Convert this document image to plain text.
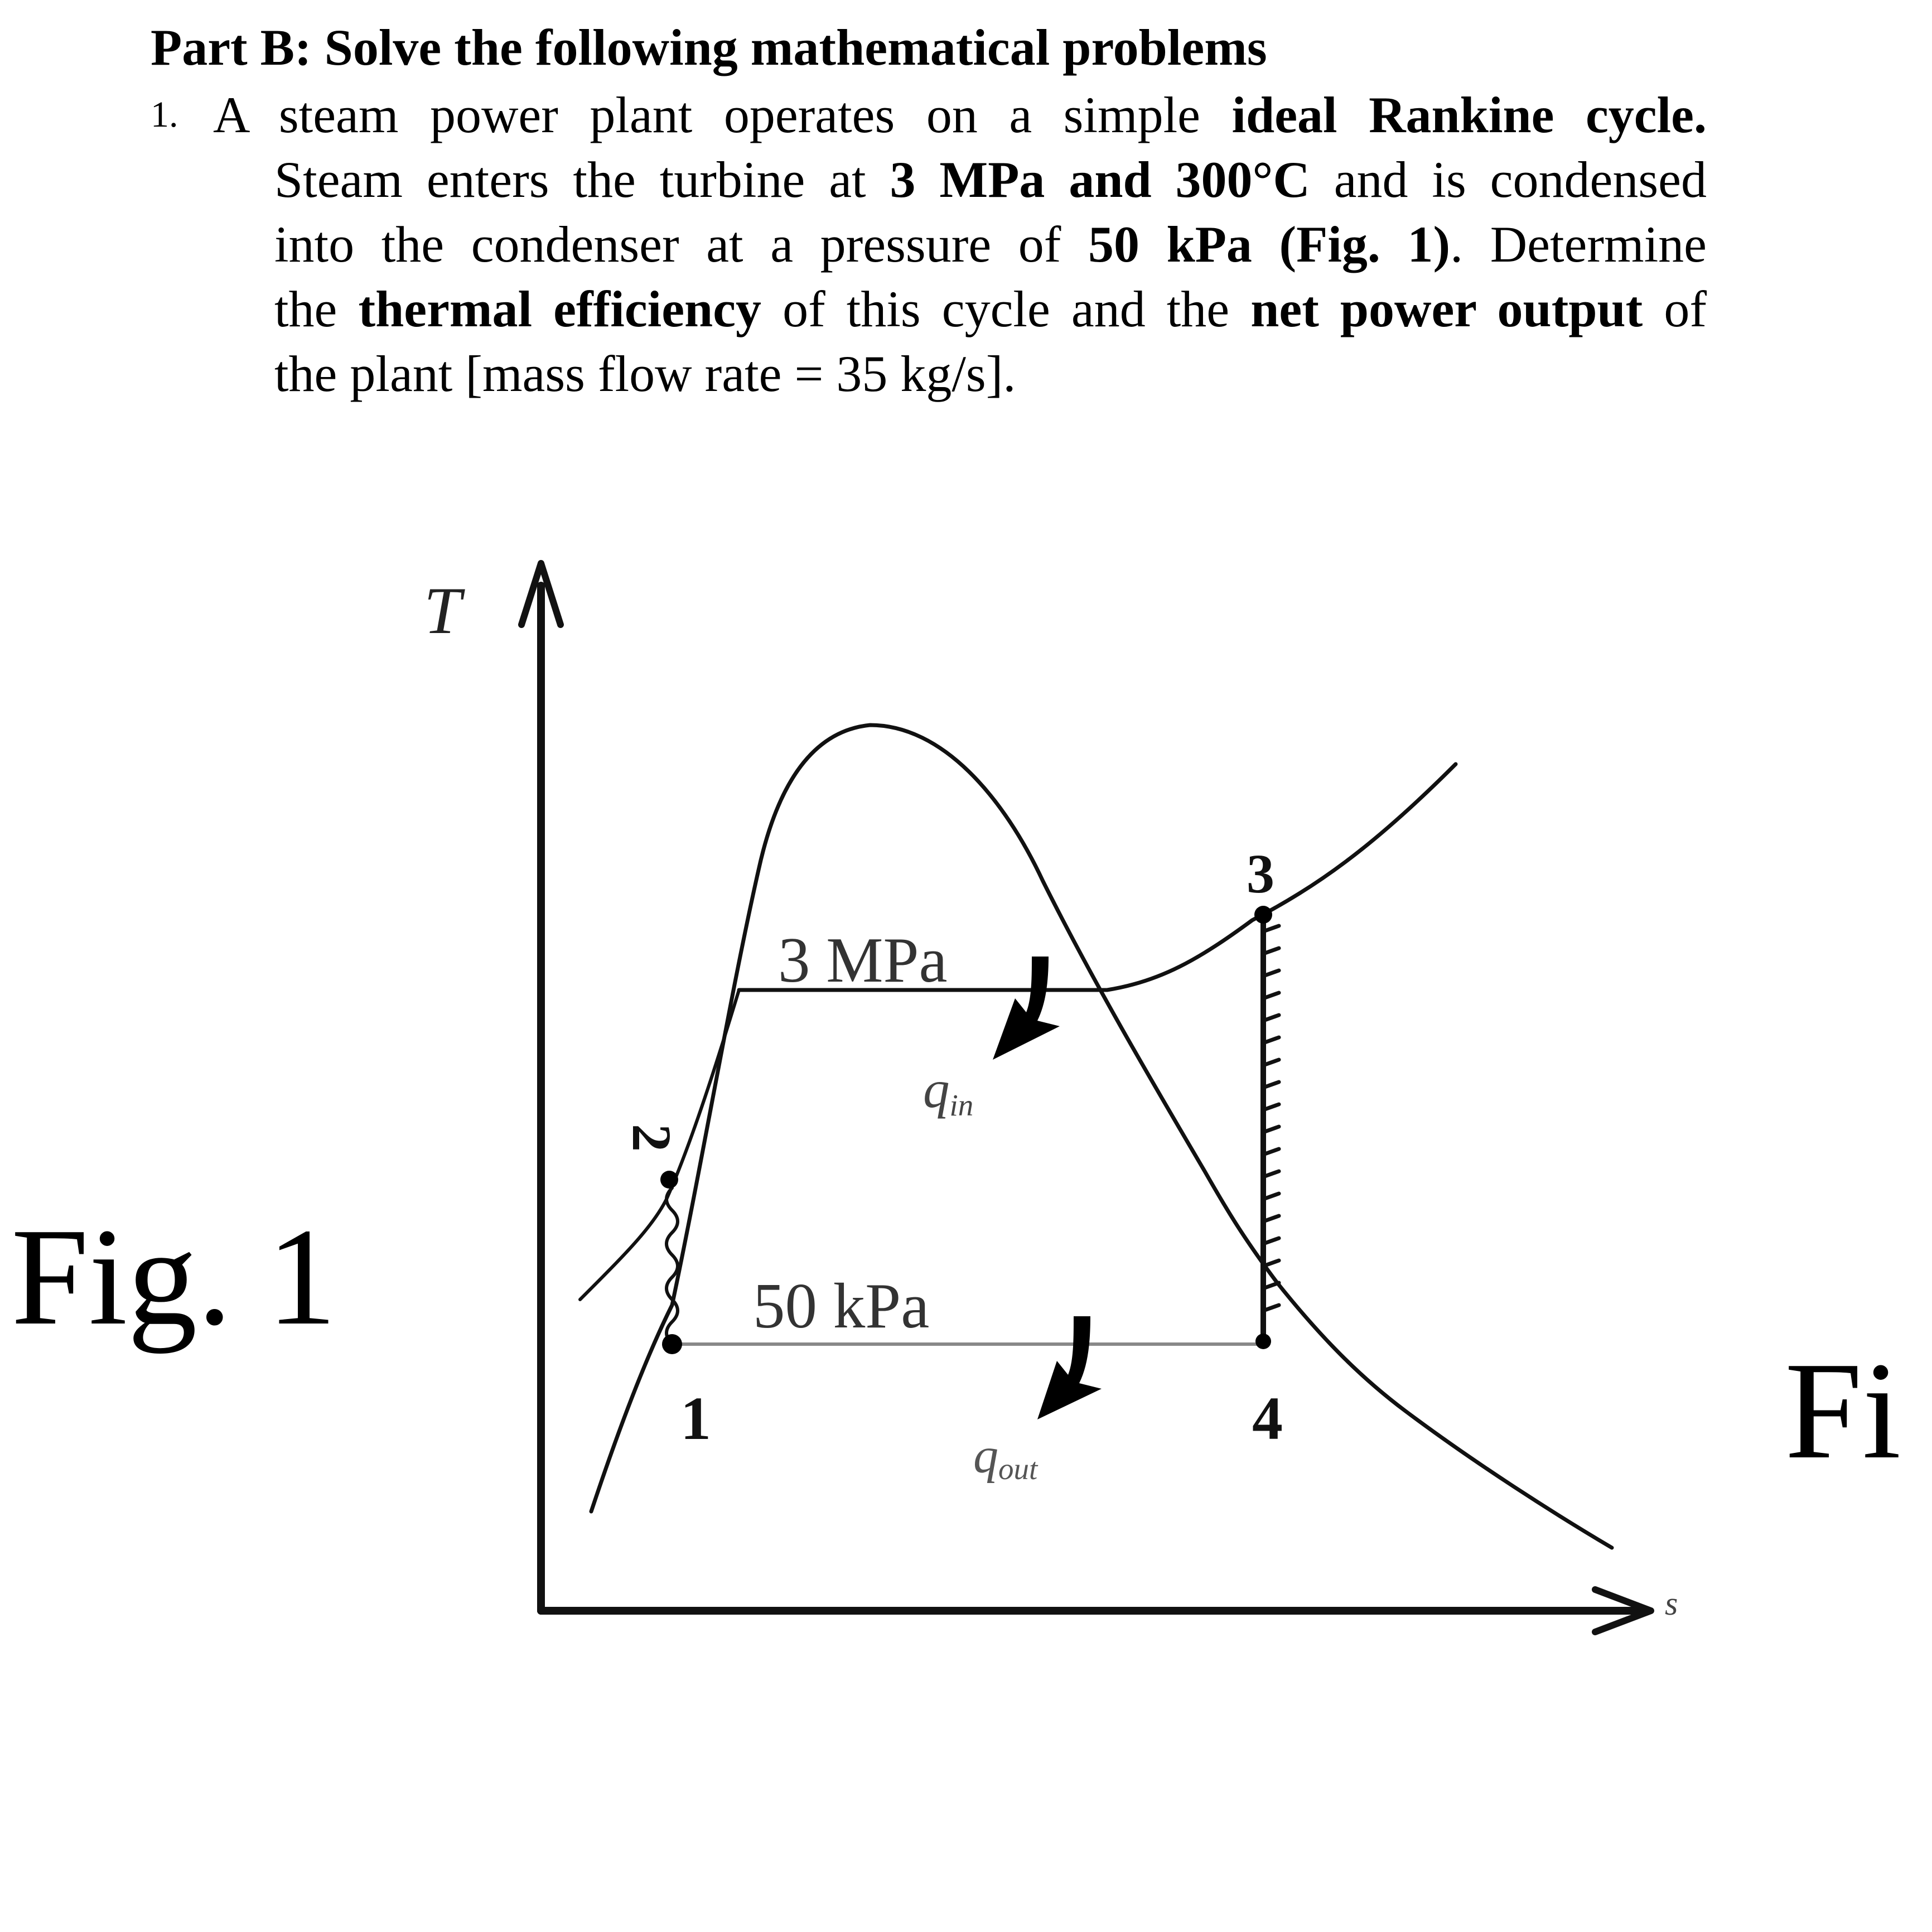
Part B: Solve the following mathematical problems
1. A steam power plant operates on a simple ideal Rankine cycle.
Steam enters the turbine at 3 MPa and 300°C and is condensed
into the condenser at a pressure of 50 kPa (Fig. 1). Determine
the thermal efficiency of this cycle and the net power output of
the plant [mass flow rate = 35 kg/s].
T
s
3 MPa
50 kPa
qin
qout
1
2
3
4
Fig. 1
Fi
